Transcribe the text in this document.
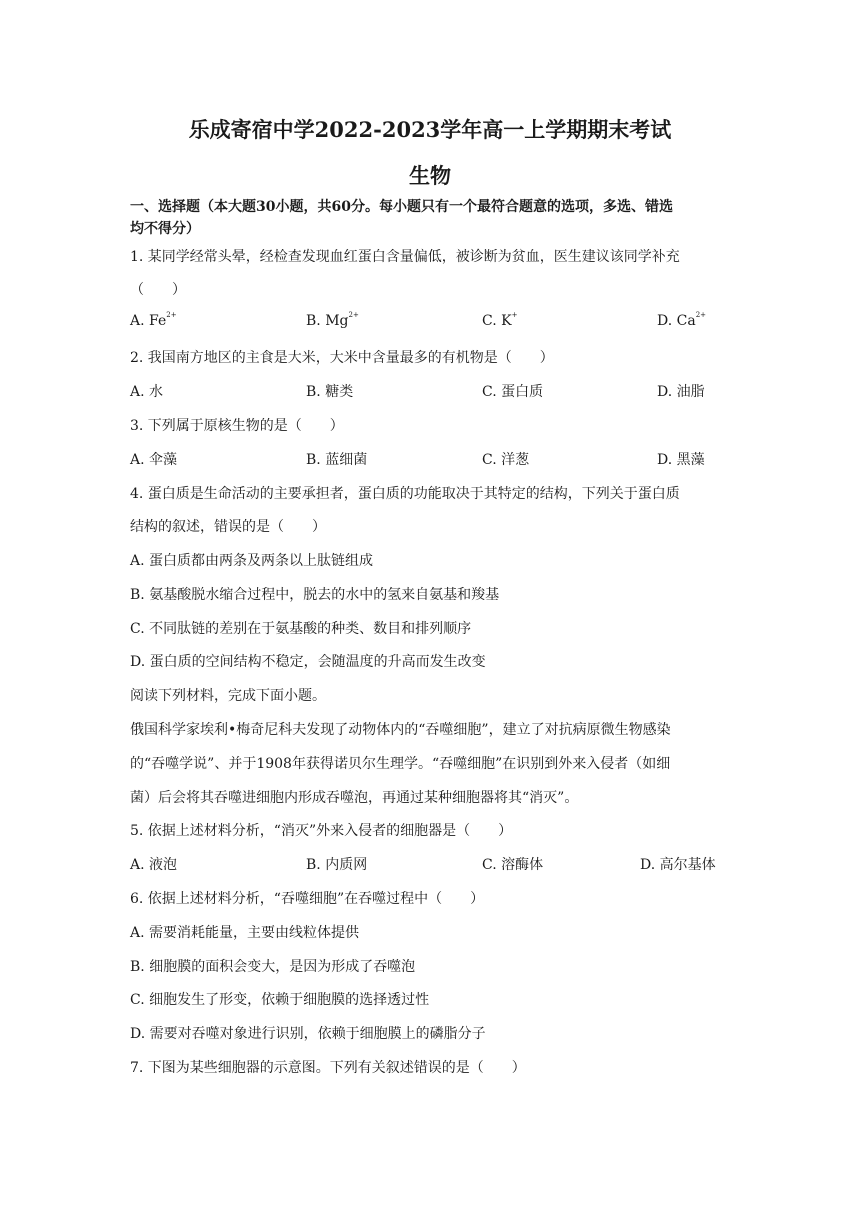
乐成寄宿中学2022-2023学年高一上学期期末考试
生物
一、选择题（本大题30小题，共60分。每小题只有一个最符合题意的选项，多选、错选
均不得分）
1. 某同学经常头晕，经检查发现血红蛋白含量偏低，被诊断为贫血，医生建议该同学补充
（　　）
A. $Fe^{2+}$	B. $Mg^{2+}$	C. K+	D. $Ca^{2+}$
2. 我国南方地区的主食是大米，大米中含量最多的有机物是（　　）
A. 水	B. 糖类	C. 蛋白质	D. 油脂
3. 下列属于原核生物的是（　　）
A. 伞藻	B. 蓝细菌	C. 洋葱	D. 黑藻
4. 蛋白质是生命活动的主要承担者，蛋白质的功能取决于其特定的结构，下列关于蛋白质
结构的叙述，错误的是（　　）
A. 蛋白质都由两条及两条以上肽链组成
B. 氨基酸脱水缩合过程中，脱去的水中的氢来自氨基和羧基
C. 不同肽链的差别在于氨基酸的种类、数目和排列顺序
D. 蛋白质的空间结构不稳定，会随温度的升高而发生改变
阅读下列材料，完成下面小题。
俄国科学家埃利•梅奇尼科夫发现了动物体内的“吞噬细胞”，建立了对抗病原微生物感染
的“吞噬学说”、并于1908年获得诺贝尔生理学。“吞噬细胞”在识别到外来入侵者（如细
菌）后会将其吞噬进细胞内形成吞噬泡，再通过某种细胞器将其“消灭”。
5. 依据上述材料分析，“消灭”外来入侵者的细胞器是（　　）
A. 液泡	B. 内质网	C. 溶酶体	D. 高尔基体
6. 依据上述材料分析，“吞噬细胞”在吞噬过程中（　　）
A. 需要消耗能量，主要由线粒体提供
B. 细胞膜的面积会变大，是因为形成了吞噬泡
C. 细胞发生了形变，依赖于细胞膜的选择透过性
D. 需要对吞噬对象进行识别，依赖于细胞膜上的磷脂分子
7. 下图为某些细胞器的示意图。下列有关叙述错误的是（　　）
